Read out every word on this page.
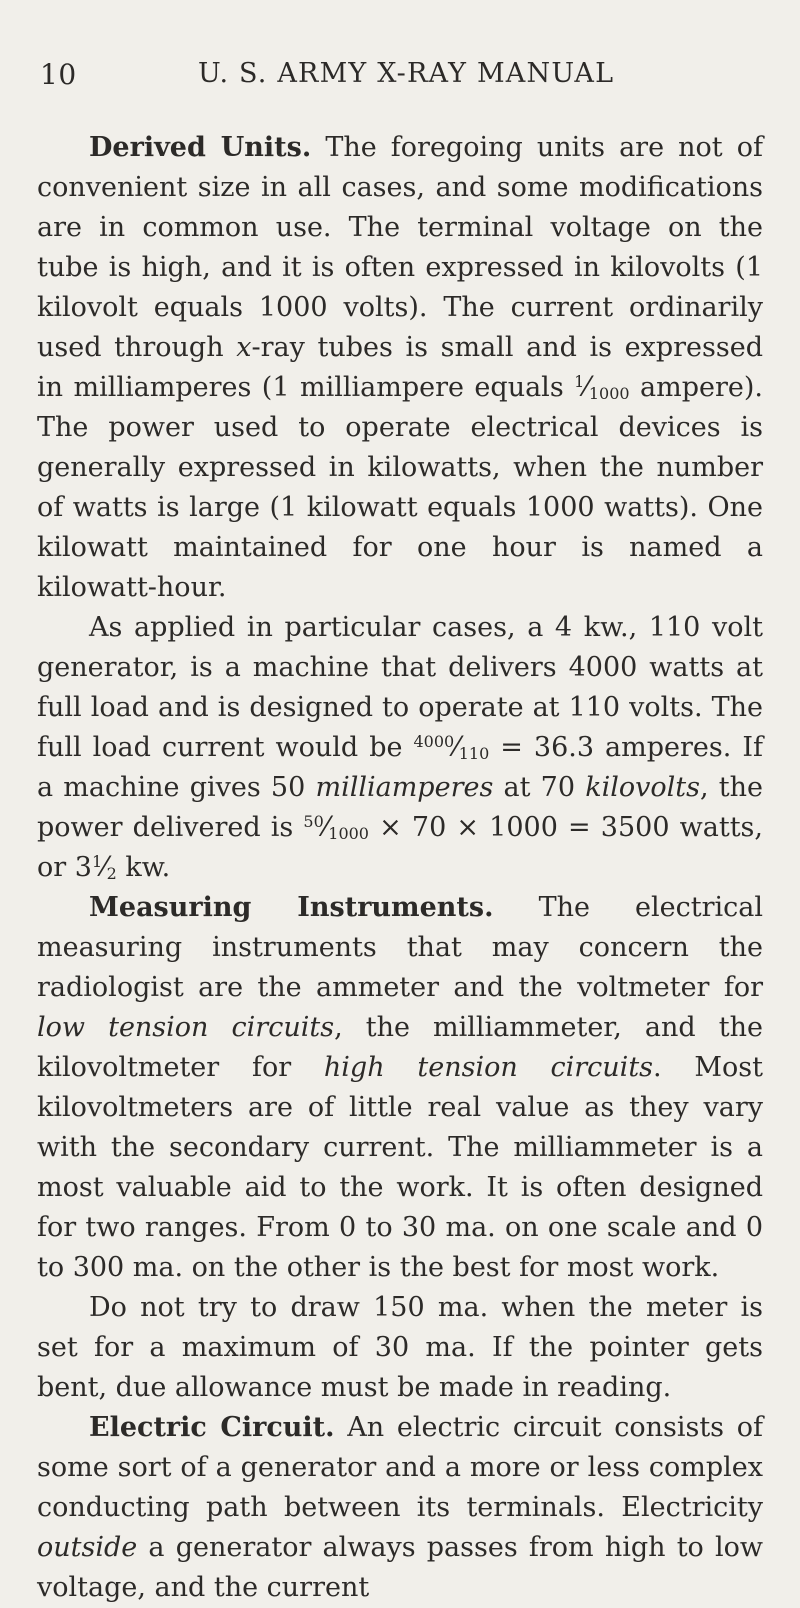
10	U. S. ARMY X-RAY MANUAL

Derived Units. The foregoing units are not of convenient size in all cases, and some modifications are in common use. The terminal voltage on the tube is high, and it is often expressed in kilovolts (1 kilovolt equals 1000 volts). The current ordinarily used through x-ray tubes is small and is expressed in milliamperes (1 milliampere equals $^1⁄_{1000}$ ampere). The power used to operate electrical devices is generally expressed in kilowatts, when the number of watts is large (1 kilowatt equals 1000 watts). One kilowatt maintained for one hour is named a kilowatt-hour.

As applied in particular cases, a 4 kw., 110 volt generator, is a machine that delivers 4000 watts at full load and is designed to operate at 110 volts. The full load current would be $^{4000}⁄_{110} = 36.3$ amperes. If a machine gives 50 milliamperes at 70 kilovolts, the power delivered is $^{50}⁄_{1000} \times 70 \times 1000 = 3500$ watts, or $3^1⁄_2$ kw.

Measuring Instruments. The electrical measuring instruments that may concern the radiologist are the ammeter and the voltmeter for low tension circuits, the milliammeter, and the kilovoltmeter for high tension circuits. Most kilovoltmeters are of little real value as they vary with the secondary current. The milliammeter is a most valuable aid to the work. It is often designed for two ranges. From 0 to 30 ma. on one scale and 0 to 300 ma. on the other is the best for most work.

Do not try to draw 150 ma. when the meter is set for a maximum of 30 ma. If the pointer gets bent, due allowance must be made in reading.

Electric Circuit. An electric circuit consists of some sort of a generator and a more or less complex conducting path between its terminals. Electricity outside a generator always passes from high to low voltage, and the current
